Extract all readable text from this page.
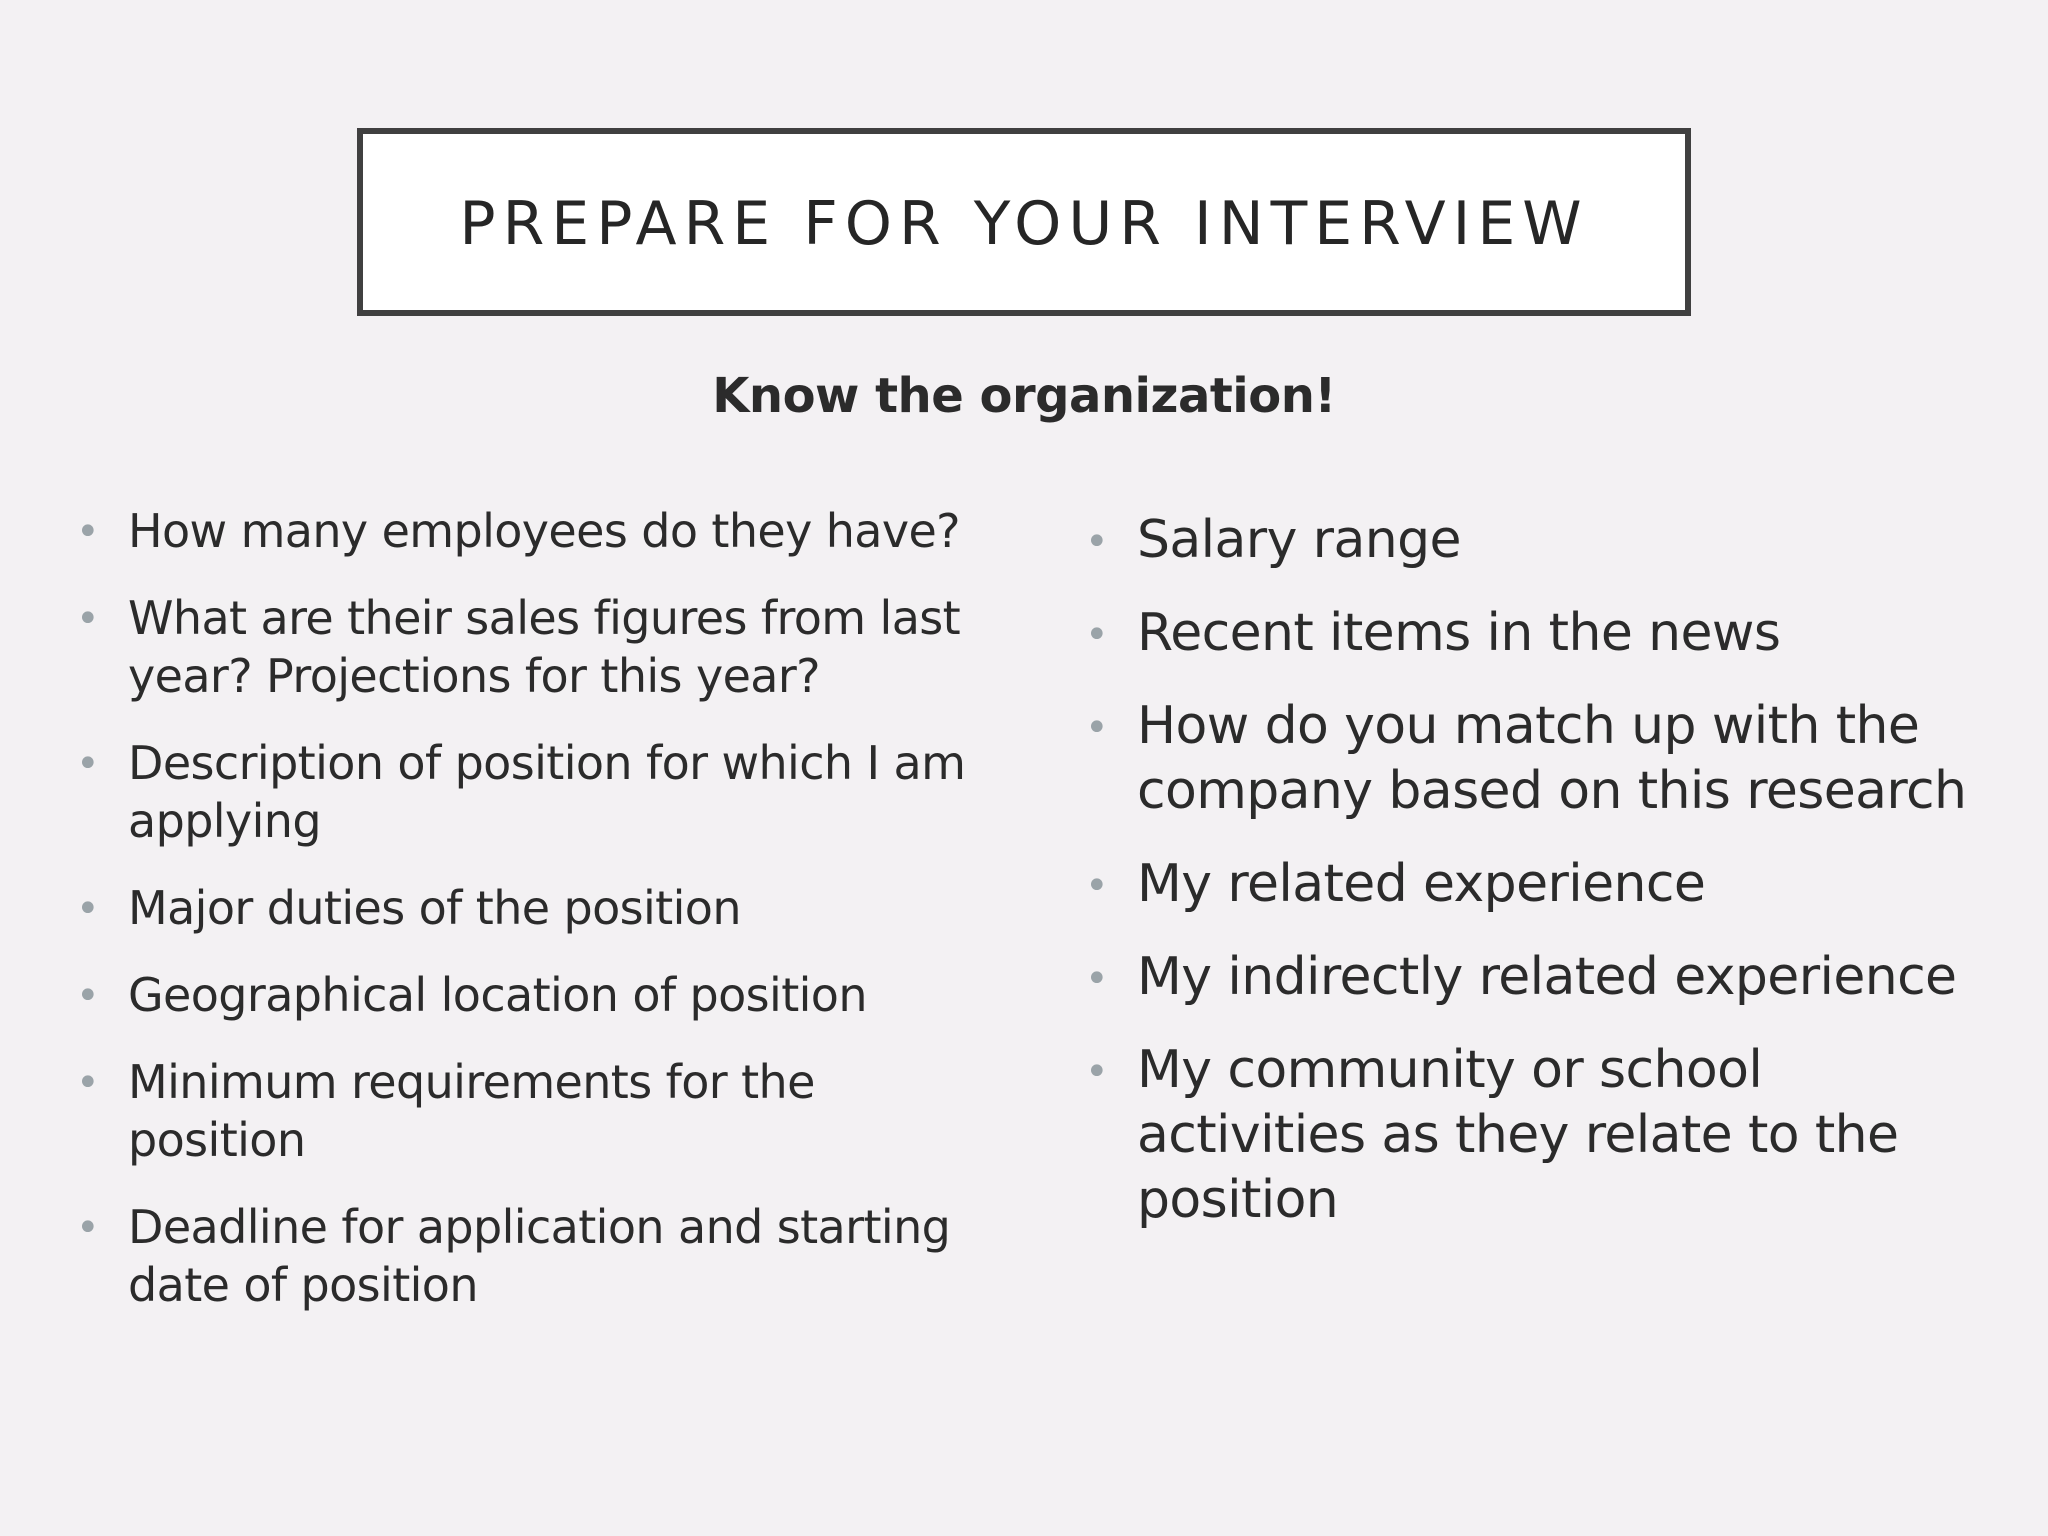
PREPARE FOR YOUR INTERVIEW

Know the organization!

• How many employees do they have?
• What are their sales figures from last year? Projections for this year?
• Description of position for which I am applying
• Major duties of the position
• Geographical location of position
• Minimum requirements for the position
• Deadline for application and starting date of position
• Salary range
• Recent items in the news
• How do you match up with the company based on this research
• My related experience
• My indirectly related experience
• My community or school activities as they relate to the position
